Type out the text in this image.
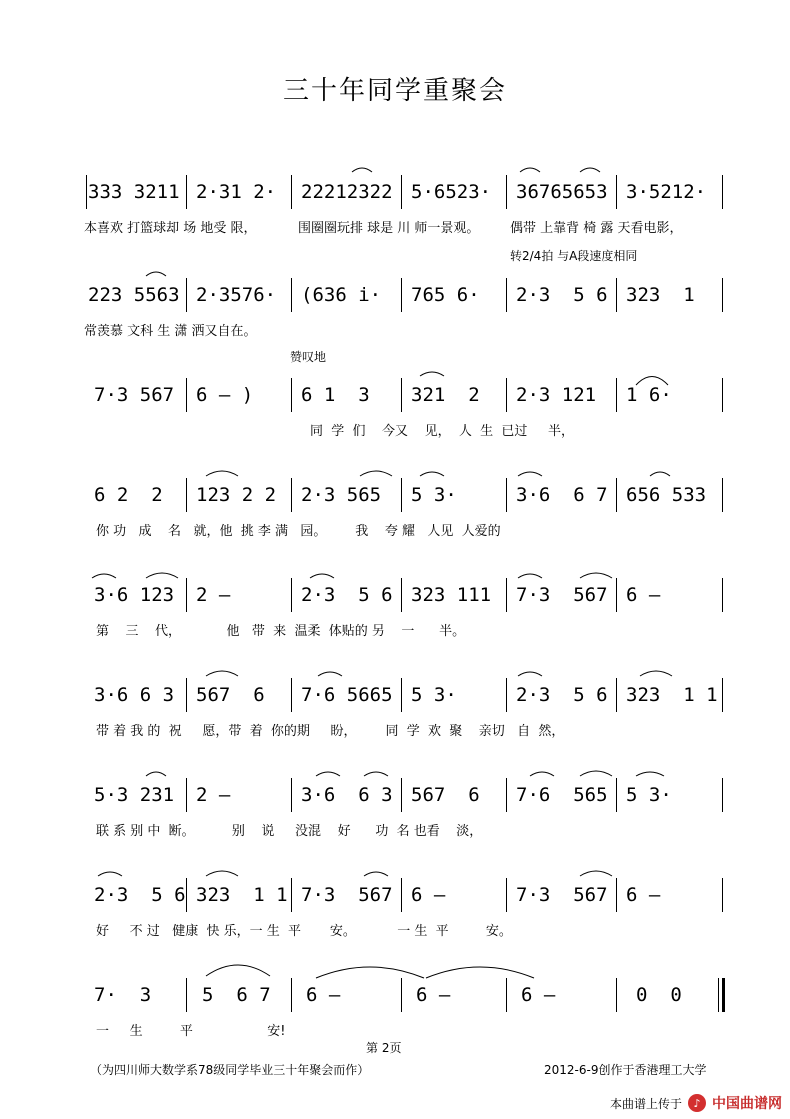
三十年同学重聚会
333 3211 2·31 2·	22212322 5·6523·	36765653 3·5212·

本喜欢 打篮球却 场 地受 限，

	围圈圈玩排 球是 川 师一景观。

偶带 上靠背 椅 露 天看电影，

转2/4拍 与A段速度相同
223 5563 2·3576·	(636 i·	765 6·	2·3  5 6 323  1

常羡慕 文科 生 潇 洒又自在。

赞叹地
7·3 567	6 – )	6 1  3	321  2	2·3 121	1 6·

同  学  们    今又    见，  人  生  已过     半，

6 2  2	123 2 2	2·3 565	5 3·	3·6  6 7 656 533

你 功   成    名   就，他  挑 李 满   园。       我    夸 耀   人见  人爱的

3·6 123	2 –	2·3  5 6 323 111	7·3  567 6 –

第    三    代，           他   带  来  温柔  体贴的 另    一      半。

3·6 6 3	567  6	7·6 5665 5 3·	2·3  5 6 323  1 1

带 着 我 的  祝     愿，带  着  你的期     盼，       同  学  欢  聚    亲切   自  然，

5·3 231	2 –	3·6  6 3 567  6	7·6  565 5 3·

联 系 别 中  断。         别    说     没混    好      功  名 也看    淡，

2·3  5 6 323  1 1 7·3  567 6 –	7·3  567 6 –

好     不 过   健康  快 乐，一 生  平       安。          一 生  平         安。

7·  3	5  6 7	6 –	6 –	6 –	0  0

一     生         平                  安!

第 2页
（为四川师大数学系78级同学毕业三十年聚会而作）	2012-6-9创作于香港理工大学
本曲谱上传于	♪ 中国曲谱网
